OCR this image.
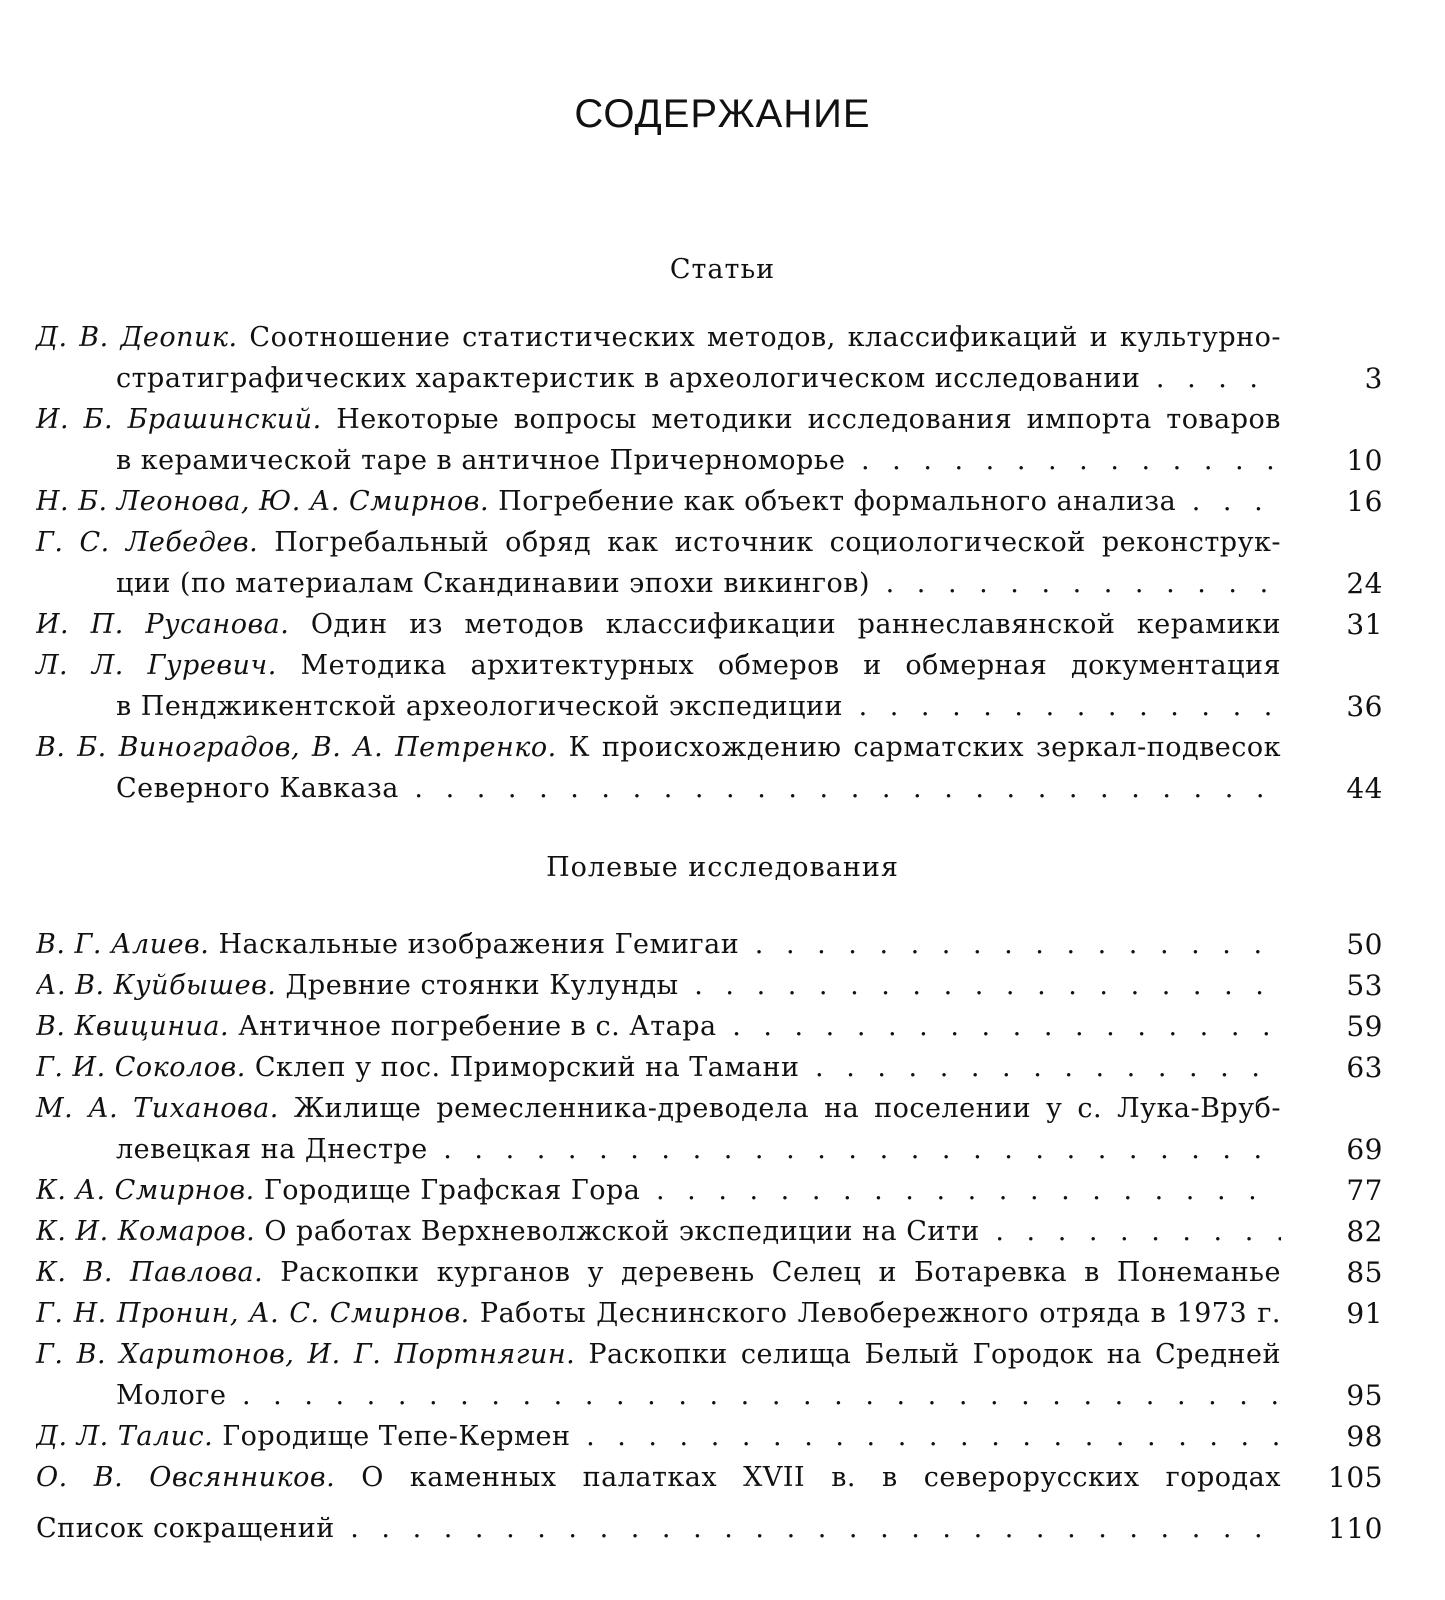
СОДЕРЖАНИЕ
Статьи
Д. В. Деопик. Соотношение статистических методов, классификаций и культурно-
стратиграфических характеристик в археологическом исследовании . .	3
И. Б. Брашинский. Некоторые вопросы методики исследования импорта товаров
в керамической таре в античное Причерноморье . .	10
Н. Б. Леонова, Ю. А. Смирнов. Погребение как объект формального анализа . .	16
Г. С. Лебедев. Погребальный обряд как источник социологической реконструк-
ции (по материалам Скандинавии эпохи викингов) . .	24
И. П. Русанова. Один из методов классификации раннеславянской керамики	31
Л. Л. Гуревич. Методика архитектурных обмеров и обмерная документация
в Пенджикентской археологической экспедиции . .	36
В. Б. Виноградов, В. А. Петренко. К происхождению сарматских зеркал-подвесок
Северного Кавказа . .	44
Полевые исследования
В. Г. Алиев. Наскальные изображения Гемигаи . .	50
А. В. Куйбышев. Древние стоянки Кулунды . .	53
В. Квициниа. Античное погребение в с. Атара . .	59
Г. И. Соколов. Склеп у пос. Приморский на Тамани . .	63
М. А. Тиханова. Жилище ремесленника-древодела на поселении у с. Лука-Вруб-
левецкая на Днестре . .	69
К. А. Смирнов. Городище Графская Гора . .	77
К. И. Комаров. О работах Верхневолжской экспедиции на Сити . .	82
К. В. Павлова. Раскопки курганов у деревень Селец и Ботаревка в Понеманье	85
Г. Н. Пронин, А. С. Смирнов. Работы Деснинского Левобережного отряда в 1973 г.	91
Г. В. Харитонов, И. Г. Портнягин. Раскопки селища Белый Городок на Средней
Мологе . .	95
Д. Л. Талис. Городище Тепе-Кермен . .	98
О. В. Овсянников. О каменных палатках XVII в. в северорусских городах	105
Список сокращений . .	110
